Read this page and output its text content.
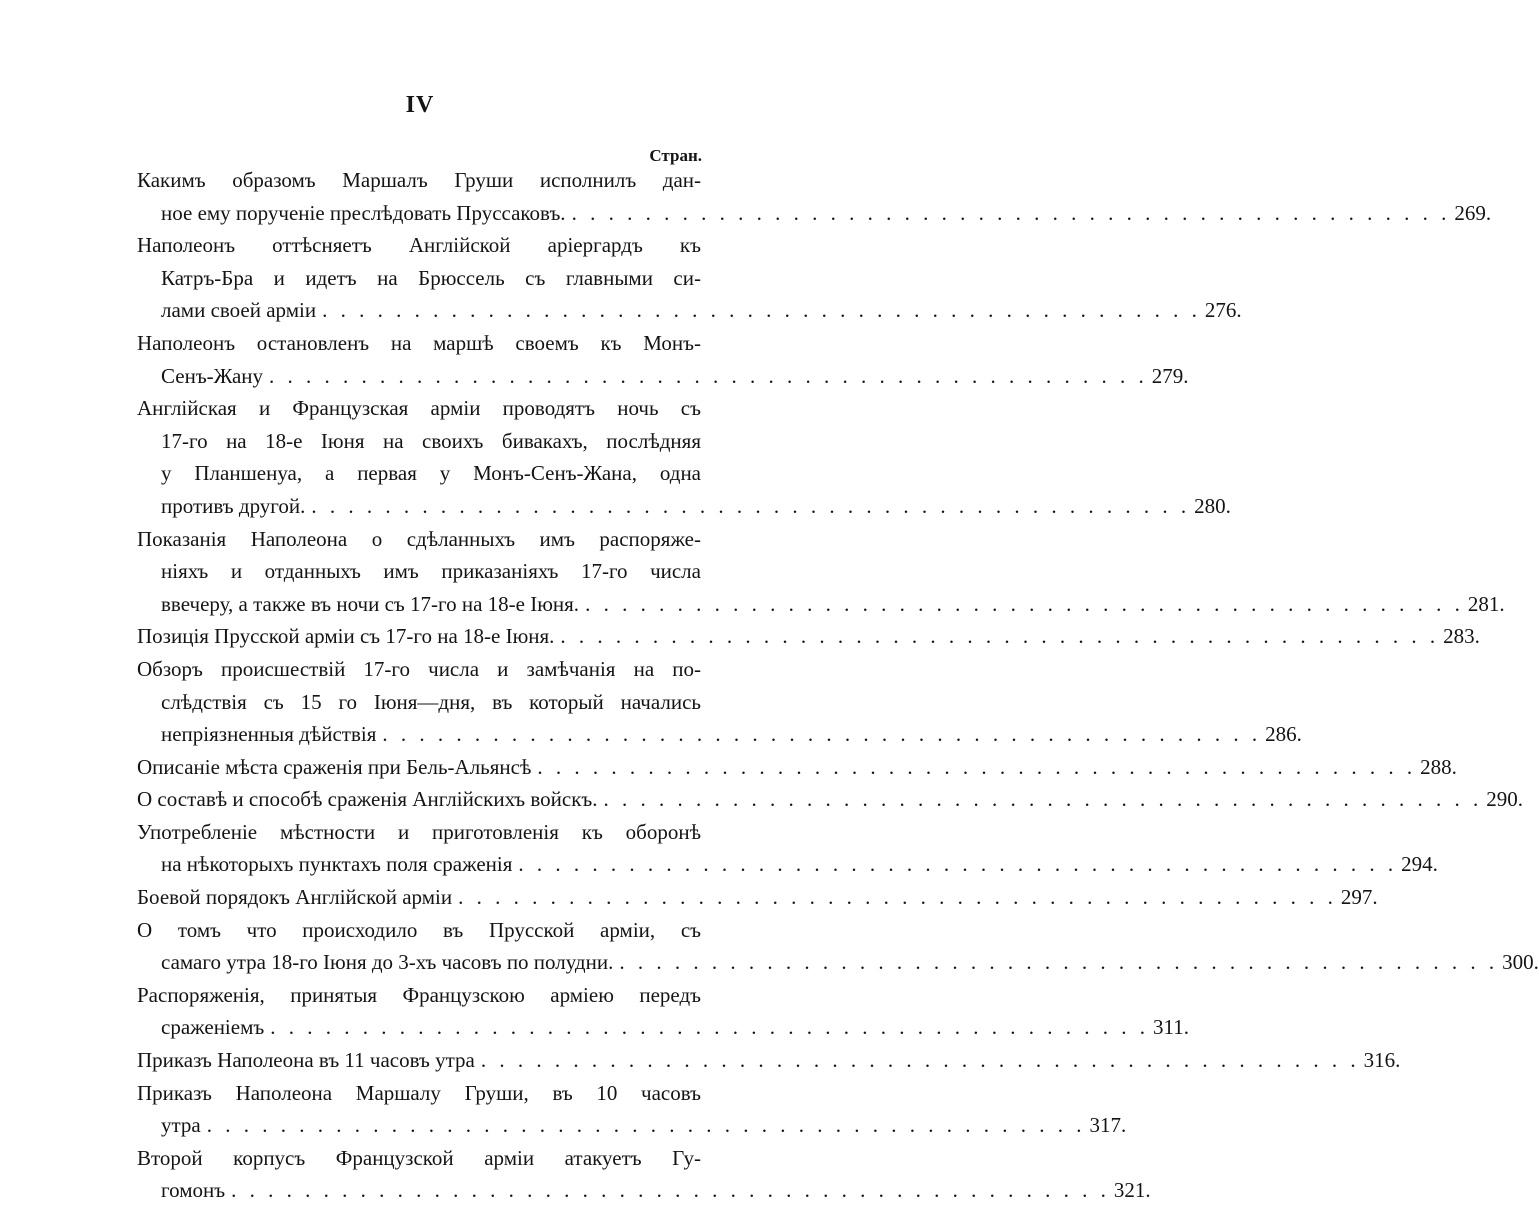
IV
Стран.
Какимъ образомъ Маршалъ Груши исполнилъ дан-
ное ему порученіе преслѣдовать Пруссаковъ. . . . . . . . . . . . . . . . . . . . . . . . . . . . . . . . . . . . . . . . . . . . . . . . . 269.
Наполеонъ оттѣсняетъ Англійской аріергардъ къ
Катръ-Бра и идетъ на Брюссель съ главными си-
лами своей арміи . . . . . . . . . . . . . . . . . . . . . . . . . . . . . . . . . . . . . . . . . . . . . . . . 276.
Наполеонъ остановленъ на маршѣ своемъ къ Монъ-
Сенъ-Жану . . . . . . . . . . . . . . . . . . . . . . . . . . . . . . . . . . . . . . . . . . . . . . . . 279.
Англійская и Французская арміи проводятъ ночь съ
17-го на 18-е Іюня на своихъ бивакахъ, послѣдняя
у Планшенуа, а первая у Монъ-Сенъ-Жана, одна
противъ другой. . . . . . . . . . . . . . . . . . . . . . . . . . . . . . . . . . . . . . . . . . . . . . . . . 280.
Показанія Наполеона о сдѣланныхъ имъ распоряже-
ніяхъ и отданныхъ имъ приказаніяхъ 17-го числа
ввечеру, а также въ ночи съ 17-го на 18-е Іюня. . . . . . . . . . . . . . . . . . . . . . . . . . . . . . . . . . . . . . . . . . . . . . . . . 281.
Позиція Прусской арміи съ 17-го на 18-е Іюня. . . . . . . . . . . . . . . . . . . . . . . . . . . . . . . . . . . . . . . . . . . . . . . . . 283.
Обзоръ происшествій 17-го числа и замѣчанія на по-
слѣдствія съ 15 го Іюня—дня, въ который начались
непріязненныя дѣйствія . . . . . . . . . . . . . . . . . . . . . . . . . . . . . . . . . . . . . . . . . . . . . . . . 286.
Описаніе мѣста сраженія при Бель-Альянсѣ . . . . . . . . . . . . . . . . . . . . . . . . . . . . . . . . . . . . . . . . . . . . . . . . 288.
О составѣ и способѣ сраженія Англійскихъ войскъ. . . . . . . . . . . . . . . . . . . . . . . . . . . . . . . . . . . . . . . . . . . . . . . . . 290.
Употребленіе мѣстности и приготовленія къ оборонѣ
на нѣкоторыхъ пунктахъ поля сраженія . . . . . . . . . . . . . . . . . . . . . . . . . . . . . . . . . . . . . . . . . . . . . . . . 294.
Боевой порядокъ Англійской арміи . . . . . . . . . . . . . . . . . . . . . . . . . . . . . . . . . . . . . . . . . . . . . . . . 297.
О томъ что происходило въ Прусской арміи, съ
самаго утра 18-го Іюня до 3-хъ часовъ по полудни. . . . . . . . . . . . . . . . . . . . . . . . . . . . . . . . . . . . . . . . . . . . . . . . . 300.
Распоряженія, принятыя Французскою арміею передъ
сраженіемъ . . . . . . . . . . . . . . . . . . . . . . . . . . . . . . . . . . . . . . . . . . . . . . . . 311.
Приказъ Наполеона въ 11 часовъ утра . . . . . . . . . . . . . . . . . . . . . . . . . . . . . . . . . . . . . . . . . . . . . . . . 316.
Приказъ Наполеона Маршалу Груши, въ 10 часовъ
утра . . . . . . . . . . . . . . . . . . . . . . . . . . . . . . . . . . . . . . . . . . . . . . . . 317.
Второй корпусъ Французской арміи атакуетъ Гу-
гомонъ . . . . . . . . . . . . . . . . . . . . . . . . . . . . . . . . . . . . . . . . . . . . . . . . 321.
